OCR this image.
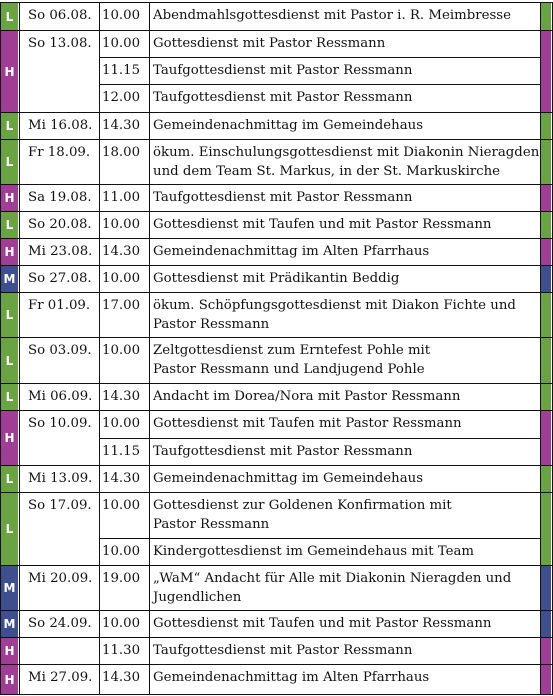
L
H
L
L
H
L
H
M
L
L
L
H
L
L
M
M
H
H
So 06.08. 10.00 Abendmahlsgottesdienst mit Pastor i. R. Meimbresse
So 13.08. 10.00 Gottesdienst mit Pastor Ressmann
11.15 Taufgottesdienst mit Pastor Ressmann
12.00 Taufgottesdienst mit Pastor Ressmann
Mi 16.08. 14.30 Gemeindenachmittag im Gemeindehaus
Fr 18.09. 18.00 ökum. Einschulungsgottesdienst mit Diakonin Nieragden
und dem Team St. Markus, in der St. Markuskirche
Sa 19.08. 11.00 Taufgottesdienst mit Pastor Ressmann
So 20.08. 10.00 Gottesdienst mit Taufen und mit Pastor Ressmann
Mi 23.08. 14.30 Gemeindenachmittag im Alten Pfarrhaus
So 27.08. 10.00 Gottesdienst mit Prädikantin Beddig
Fr 01.09. 17.00 ökum. Schöpfungsgottesdienst mit Diakon Fichte und
Pastor Ressmann
So 03.09. 10.00 Zeltgottesdienst zum Erntefest Pohle mit
Pastor Ressmann und Landjugend Pohle
Mi 06.09. 14.30 Andacht im Dorea/Nora mit Pastor Ressmann
So 10.09. 10.00 Gottesdienst mit Taufen mit Pastor Ressmann
11.15 Taufgottesdienst mit Pastor Ressmann
Mi 13.09. 14.30 Gemeindenachmittag im Gemeindehaus
So 17.09. 10.00 Gottesdienst zur Goldenen Konfirmation mit
Pastor Ressmann
10.00 Kindergottesdienst im Gemeindehaus mit Team
Mi 20.09. 19.00 „WaM“ Andacht für Alle mit Diakonin Nieragden und
Jugendlichen
So 24.09. 10.00 Gottesdienst mit Taufen und mit Pastor Ressmann
11.30 Taufgottesdienst mit Pastor Ressmann
Mi 27.09. 14.30 Gemeindenachmittag im Alten Pfarrhaus
